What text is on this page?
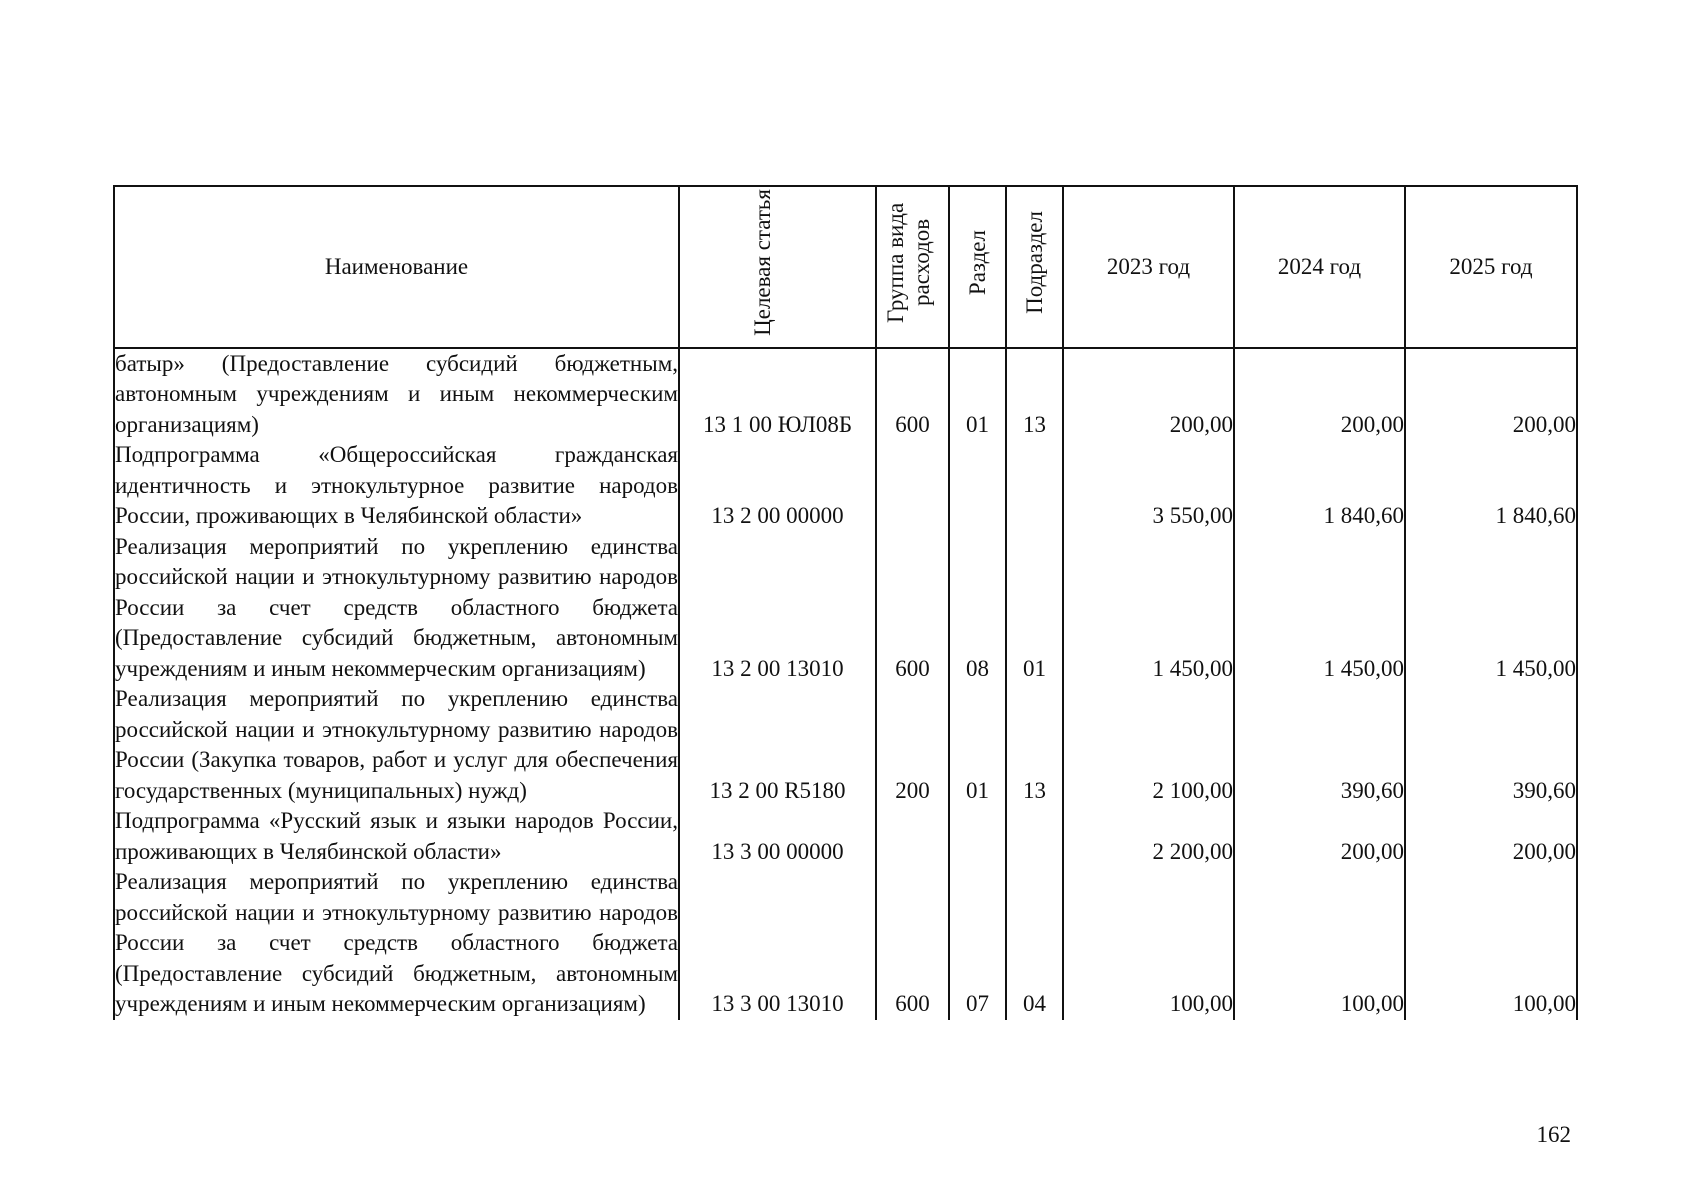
Наименование	Целевая статья	Группа вида расходов	Раздел	Подраздел	2023 год	2024 год	2025 год
батыр» (Предоставление субсидий бюджетным, автономным учреждениям и иным некоммерческим организациям)	13 1 00 ЮЛ08Б	600	01	13	200,00	200,00	200,00
Подпрограмма «Общероссийская гражданская идентичность и этнокультурное развитие народов России, проживающих в Челябинской области»	13 2 00 00000				3 550,00	1 840,60	1 840,60
Реализация мероприятий по укреплению единства российской нации и этнокультурному развитию народов России за счет средств областного бюджета (Предоставление субсидий бюджетным, автономным учреждениям и иным некоммерческим организациям)	13 2 00 13010	600	08	01	1 450,00	1 450,00	1 450,00
Реализация мероприятий по укреплению единства российской нации и этнокультурному развитию народов России (Закупка товаров, работ и услуг для обеспечения государственных (муниципальных) нужд)	13 2 00 R5180	200	01	13	2 100,00	390,60	390,60
Подпрограмма «Русский язык и языки народов России, проживающих в Челябинской области»	13 3 00 00000				2 200,00	200,00	200,00
Реализация мероприятий по укреплению единства российской нации и этнокультурному развитию народов России за счет средств областного бюджета (Предоставление субсидий бюджетным, автономным учреждениям и иным некоммерческим организациям)	13 3 00 13010	600	07	04	100,00	100,00	100,00
162
